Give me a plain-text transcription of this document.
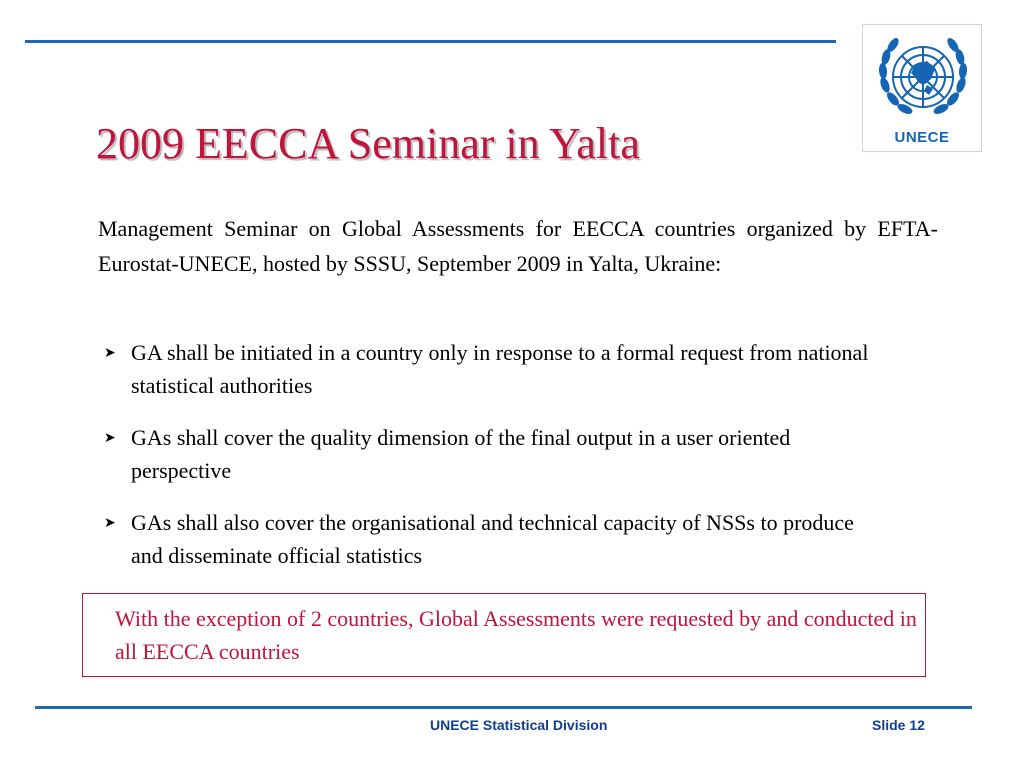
UNECE
2009 EECCA Seminar in Yalta
Management Seminar on Global Assessments for EECCA countries organized by EFTA-Eurostat-UNECE, hosted by SSSU, September 2009 in Yalta, Ukraine:
➤ GA shall be initiated in a country only in response to a formal request from national statistical authorities
➤ GAs shall cover the quality dimension of the final output in a user oriented perspective
➤ GAs shall also cover the organisational and technical capacity of NSSs to produce and disseminate official statistics
With the exception of 2 countries, Global Assessments were requested by and conducted in all EECCA countries
UNECE Statistical Division	Slide 12
